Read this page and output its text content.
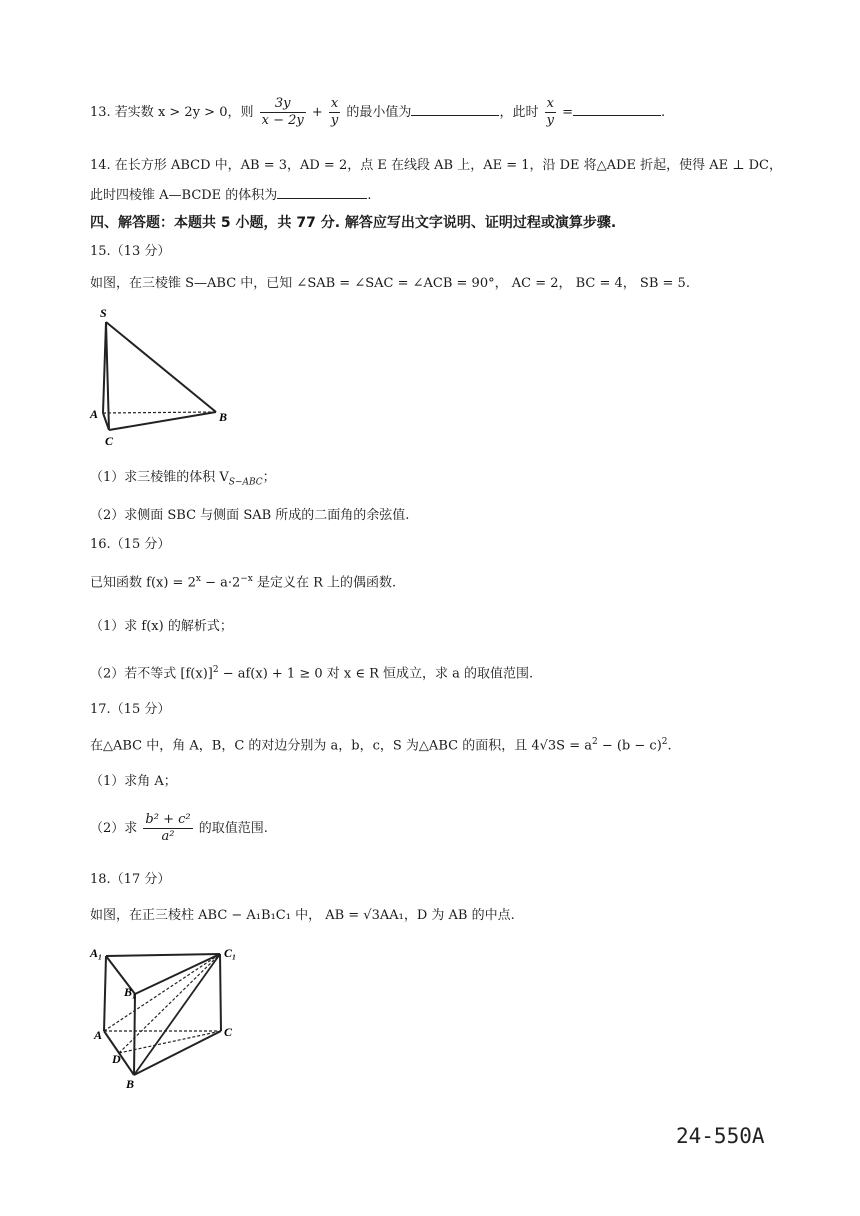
13. 若实数 x > 2y > 0，则 $\frac{3y}{x - 2y} + \frac{x}{y}$ 的最小值为	，此时 $\frac{x}{y}$ =	.
14. 在长方形 ABCD 中，AB = 3，AD = 2，点 E 在线段 AB 上，AE = 1，沿 DE 将△ADE 折起，使得 AE ⊥ DC，
此时四棱锥 A—BCDE 的体积为	.
四、解答题：本题共 5 小题，共 77 分. 解答应写出文字说明、证明过程或演算步骤.
15.（13 分）
如图，在三棱锥 S—ABC 中，已知 ∠SAB = ∠SAC = ∠ACB = 90°， AC = 2， BC = 4， SB = 5.
S
A	B
C
（1）求三棱锥的体积 $V_{S-ABC}$；
（2）求侧面 SBC 与侧面 SAB 所成的二面角的余弦值.
16.（15 分）
已知函数 $f(x) = 2^x - a\cdot 2^{-x}$ 是定义在 R 上的偶函数.
（1）求 f(x) 的解析式；
（2）若不等式 $[f(x)]^2 - af(x) + 1 \ge 0$ 对 x ∈ R 恒成立，求 a 的取值范围.
17.（15 分）
在△ABC 中，角 A，B，C 的对边分别为 a，b，c，S 为△ABC 的面积，且 $4√3S = a^2 - (b - c)^2$.
（1）求角 A；
（2）求 $\frac{\text{b² + c²}}{\text{a²}}$ 的取值范围.
18.（17 分）
如图，在正三棱柱 ABC − A₁B₁C₁ 中， AB = √3AA₁，D 为 AB 的中点.
A₁	C₁
B₁
A	C
D
B
24-550A
